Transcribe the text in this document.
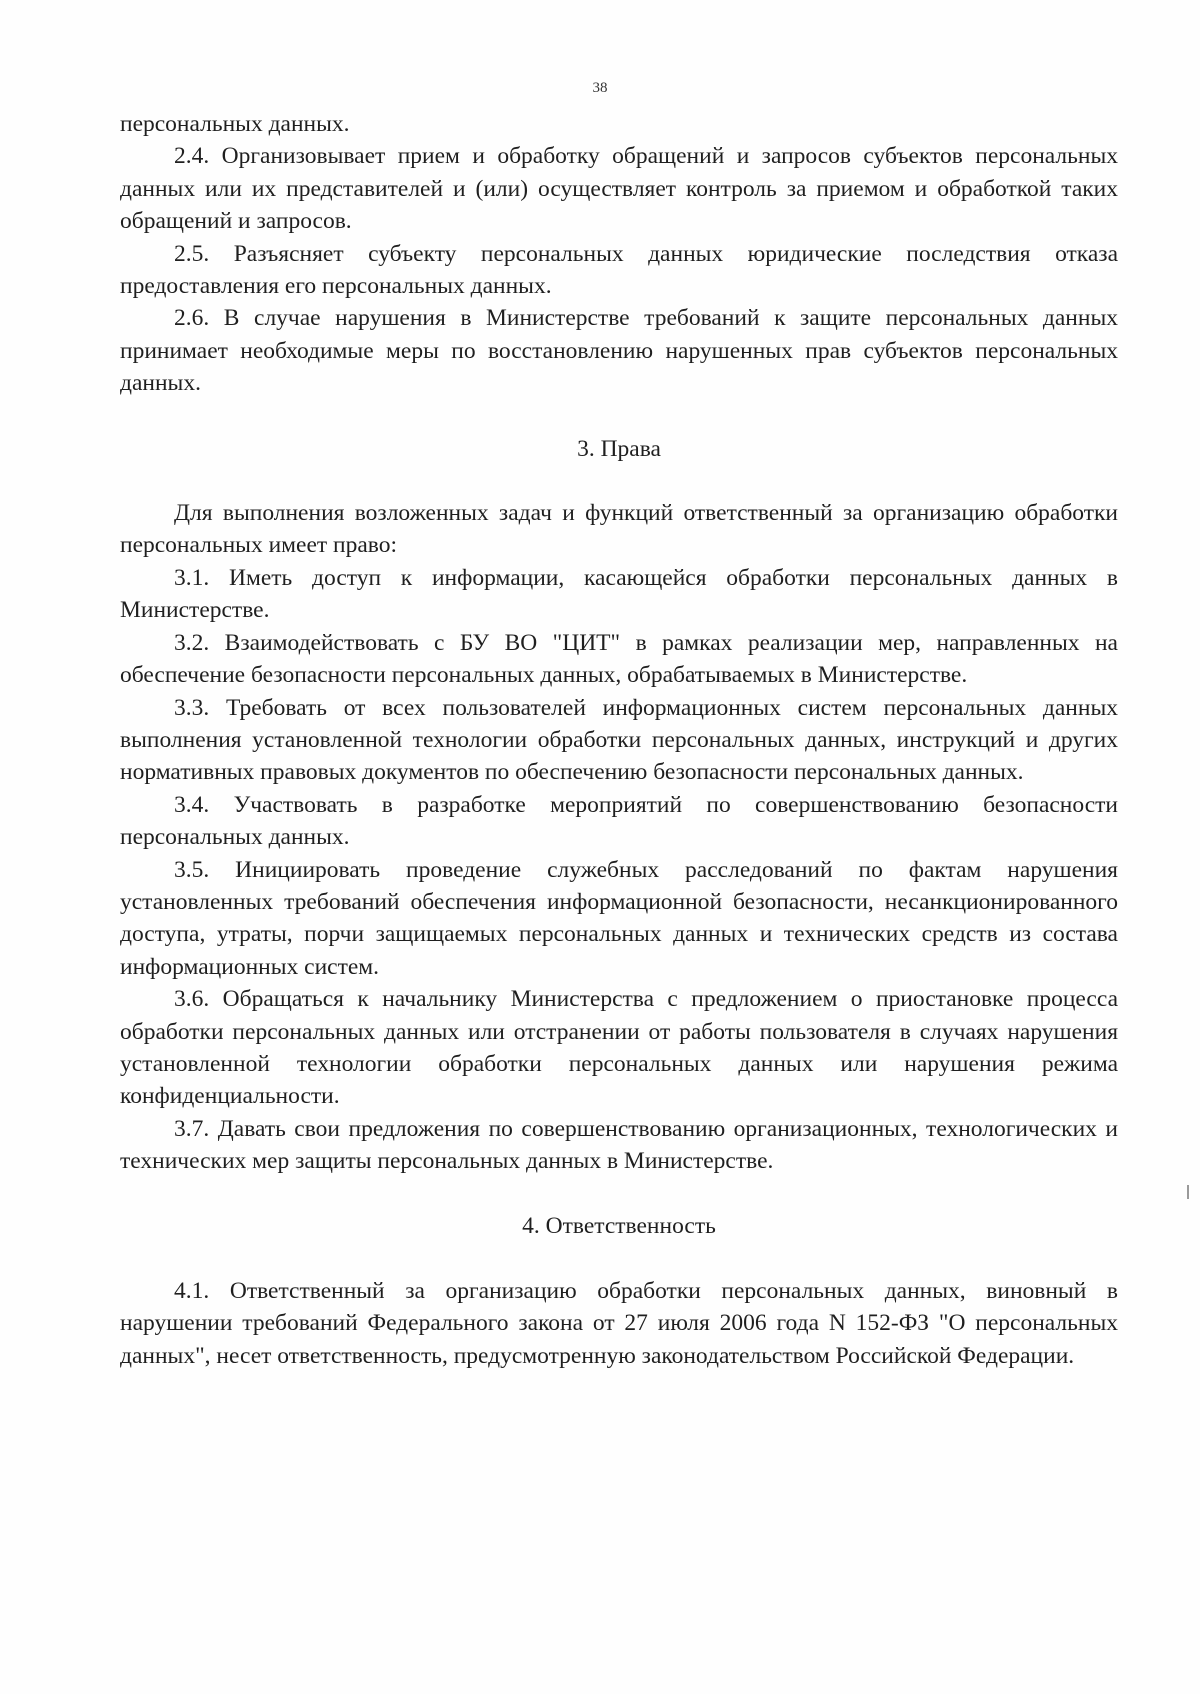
38

персональных данных.

2.4. Организовывает прием и обработку обращений и запросов субъектов персональных данных или их представителей и (или) осуществляет контроль за приемом и обработкой таких обращений и запросов.

2.5. Разъясняет субъекту персональных данных юридические последствия отказа предоставления его персональных данных.

2.6. В случае нарушения в Министерстве требований к защите персональных данных принимает необходимые меры по восстановлению нарушенных прав субъектов персональных данных.

3. Права

Для выполнения возложенных задач и функций ответственный за организацию обработки персональных имеет право:

3.1. Иметь доступ к информации, касающейся обработки персональных данных в Министерстве.

3.2. Взаимодействовать с БУ ВО "ЦИТ" в рамках реализации мер, направленных на обеспечение безопасности персональных данных, обрабатываемых в Министерстве.

3.3. Требовать от всех пользователей информационных систем персональных данных выполнения установленной технологии обработки персональных данных, инструкций и других нормативных правовых документов по обеспечению безопасности персональных данных.

3.4. Участвовать в разработке мероприятий по совершенствованию безопасности персональных данных.

3.5. Инициировать проведение служебных расследований по фактам нарушения установленных требований обеспечения информационной безопасности, несанкционированного доступа, утраты, порчи защищаемых персональных данных и технических средств из состава информационных систем.

3.6. Обращаться к начальнику Министерства с предложением о приостановке процесса обработки персональных данных или отстранении от работы пользователя в случаях нарушения установленной технологии обработки персональных данных или нарушения режима конфиденциальности.

3.7. Давать свои предложения по совершенствованию организационных, технологических и технических мер защиты персональных данных в Министерстве.

4. Ответственность

4.1. Ответственный за организацию обработки персональных данных, виновный в нарушении требований Федерального закона от 27 июля 2006 года N 152-ФЗ "О персональных данных", несет ответственность, предусмотренную законодательством Российской Федерации.
